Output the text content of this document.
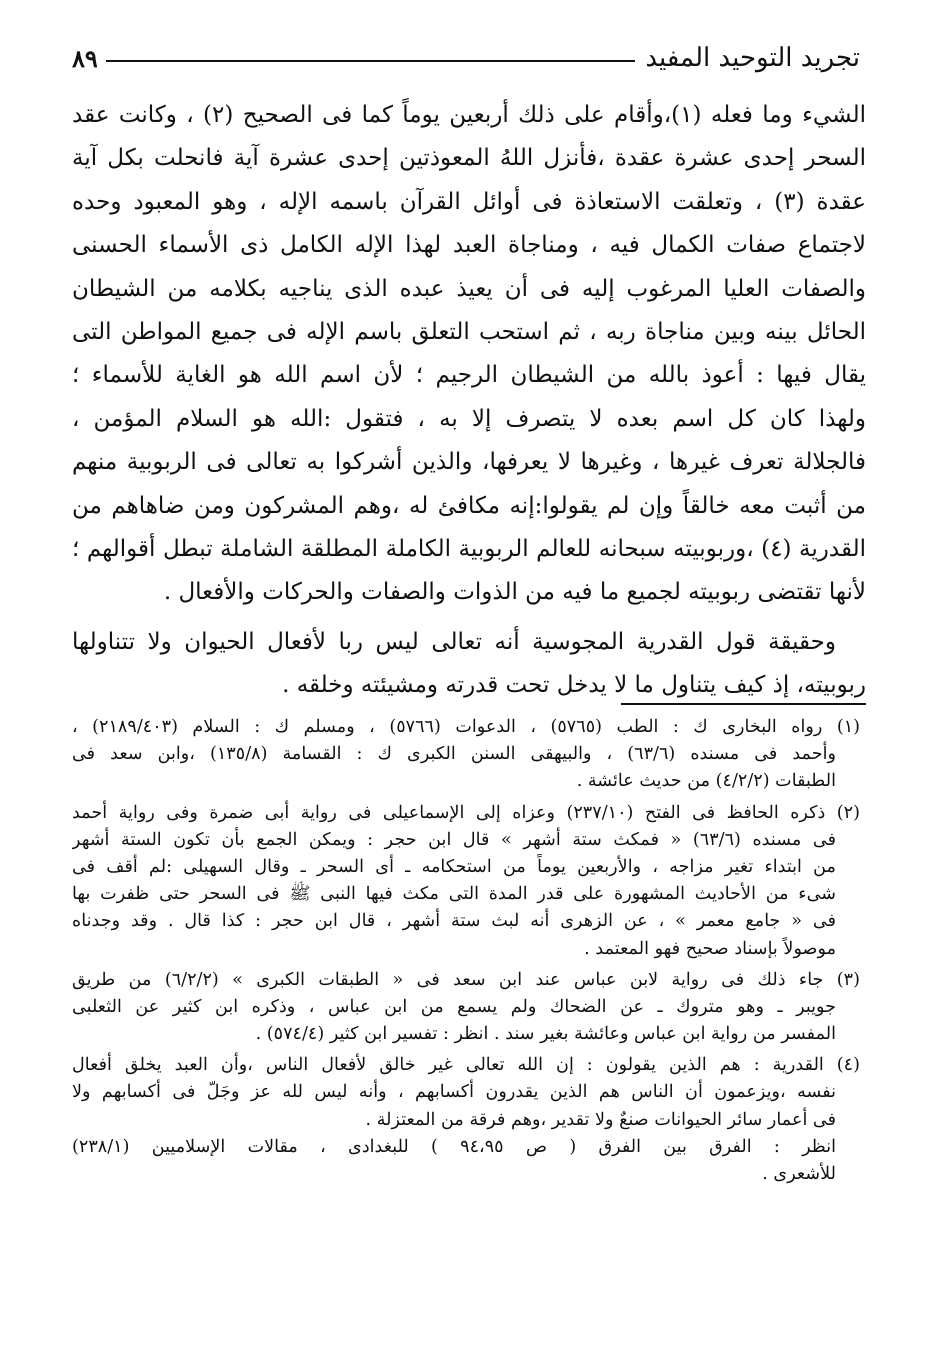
تجريد التوحيد المفيد
٨٩
الشيء وما فعله (١)،وأقام على ذلك أربعين يوماً كما فى الصحيح (٢) ، وكانت عقد
السحر إحدى عشرة عقدة ،فأنزل اللهُ المعوذتين إحدى عشرة آية فانحلت بكل آية
عقدة (٣) ، وتعلقت الاستعاذة فى أوائل القرآن باسمه الإله ، وهو المعبود وحده
لاجتماع صفات الكمال فيه ، ومناجاة العبد لهذا الإله الكامل ذى الأسماء الحسنى
والصفات العليا المرغوب إليه فى أن يعيذ عبده الذى يناجيه بكلامه من الشيطان
الحائل بينه وبين مناجاة ربه ، ثم استحب التعلق باسم الإله فى جميع المواطن التى
يقال فيها : أعوذ بالله من الشيطان الرجيم ؛ لأن اسم الله هو الغاية للأسماء ؛
ولهذا كان كل اسم بعده لا يتصرف إلا به ، فتقول :الله هو السلام المؤمن ،
فالجلالة تعرف غيرها ، وغيرها لا يعرفها، والذين أشركوا به تعالى فى الربوبية منهم
من أثبت معه خالقاً وإن لم يقولوا:إنه مكافئ له ،وهم المشركون ومن ضاهاهم من
القدرية (٤) ،وربوبيته سبحانه للعالم الربوبية الكاملة المطلقة الشاملة تبطل أقوالهم ؛
لأنها تقتضى ربوبيته لجميع ما فيه من الذوات والصفات والحركات والأفعال .
وحقيقة قول القدرية المجوسية أنه تعالى ليس ربا لأفعال الحيوان ولا تتناولها
ربوبيته، إذ كيف يتناول ما لا يدخل تحت قدرته ومشيئته وخلقه .
(١) رواه البخارى ك : الطب (٥٧٦٥) ، الدعوات (٥٧٦٦) ، ومسلم ك : السلام (٢١٨٩/٤٠٣) ،
وأحمد فى مسنده (٦٣/٦) ، والبيهقى السنن الكبرى ك : القسامة (١٣٥/٨) ،وابن سعد فى
الطبقات (٤/٢/٢) من حديث عائشة .
(٢) ذكره الحافظ فى الفتح (٢٣٧/١٠) وعزاه إلى الإسماعيلى فى رواية أبى ضمرة وفى رواية أحمد
فى مسنده (٦٣/٦) « فمكث ستة أشهر » قال ابن حجر : ويمكن الجمع بأن تكون الستة أشهر
من ابتداء تغير مزاجه ، والأربعين يوماً من استحكامه ـ أى السحر ـ وقال السهيلى :لم أقف فى
شىء من الأحاديث المشهورة على قدر المدة التى مكث فيها النبى ﷺ فى السحر حتى ظفرت بها
فى « جامع معمر » ، عن الزهرى أنه لبث ستة أشهر ، قال ابن حجر : كذا قال . وقد وجدناه
موصولاً بإسناد صحيح فهو المعتمد .
(٣) جاء ذلك فى رواية لابن عباس عند ابن سعد فى « الطبقات الكبرى » (٦/٢/٢) من طريق
جويبر ـ وهو متروك ـ عن الضحاك ولم يسمع من ابن عباس ، وذكره ابن كثير عن الثعلبى
المفسر من رواية ابن عباس وعائشة بغير سند . انظر : تفسير ابن كثير (٥٧٤/٤) .
(٤) القدرية : هم الذين يقولون : إن الله تعالى غير خالق لأفعال الناس ،وأن العبد يخلق أفعال
نفسه ،ويزعمون أن الناس هم الذين يقدرون أكسابهم ، وأنه ليس لله عز وجَلّ فى أكسابهم ولا
فى أعمار سائر الحيوانات صنعٌ ولا تقدير ،وهم فرقة من المعتزلة .
انظر : الفرق بين الفرق ( ص ٩٤،٩٥ ) للبغدادى ، مقالات الإسلاميين (٢٣٨/١)
للأشعرى .
